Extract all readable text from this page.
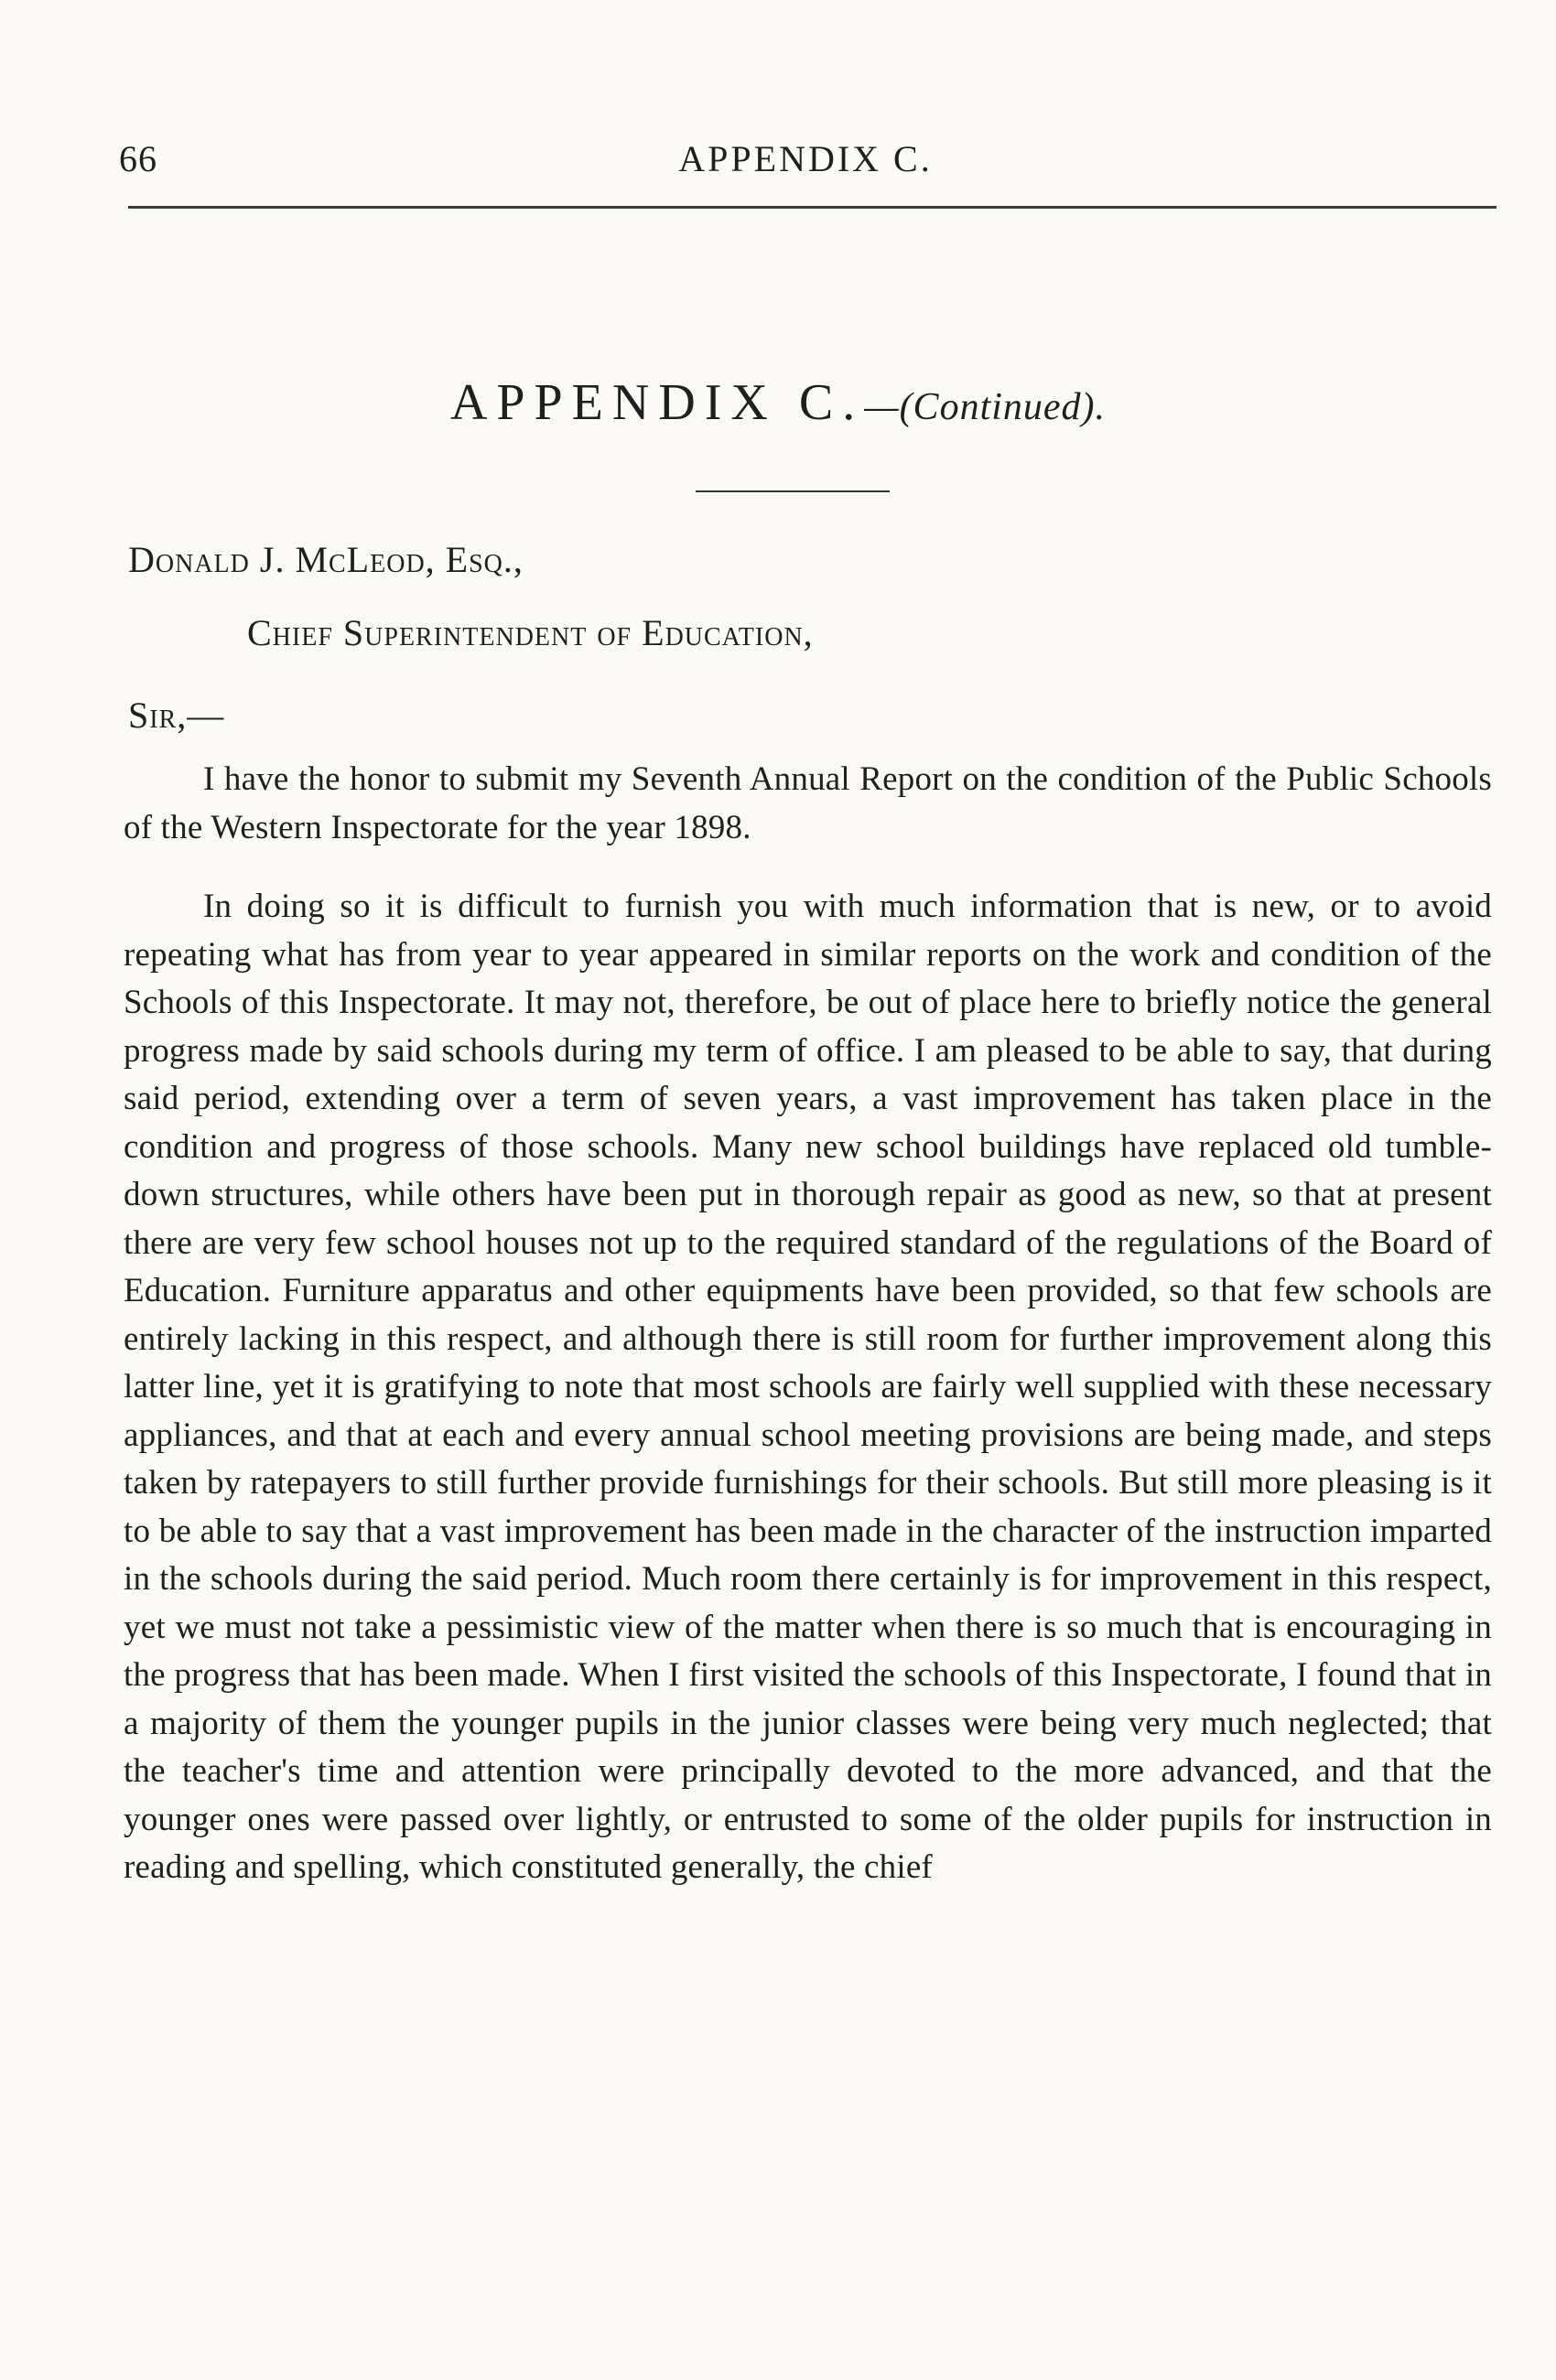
66	APPENDIX C.
APPENDIX C.—(Continued).
Donald J. McLeod, Esq.,
Chief Superintendent of Education,
Sir,—

I have the honor to submit my Seventh Annual Report on the condition of the Public Schools of the Western Inspectorate for the year 1898.

In doing so it is difficult to furnish you with much information that is new, or to avoid repeating what has from year to year appeared in similar reports on the work and condition of the Schools of this Inspectorate. It may not, therefore, be out of place here to briefly notice the general progress made by said schools during my term of office. I am pleased to be able to say, that during said period, extending over a term of seven years, a vast improvement has taken place in the condition and progress of those schools. Many new school buildings have replaced old tumble-down structures, while others have been put in thorough repair as good as new, so that at present there are very few school houses not up to the required standard of the regulations of the Board of Education. Furniture apparatus and other equipments have been provided, so that few schools are entirely lacking in this respect, and although there is still room for further improvement along this latter line, yet it is gratifying to note that most schools are fairly well supplied with these necessary appliances, and that at each and every annual school meeting provisions are being made, and steps taken by ratepayers to still further provide furnishings for their schools. But still more pleasing is it to be able to say that a vast improvement has been made in the character of the instruction imparted in the schools during the said period. Much room there certainly is for improvement in this respect, yet we must not take a pessimistic view of the matter when there is so much that is encouraging in the progress that has been made. When I first visited the schools of this Inspectorate, I found that in a majority of them the younger pupils in the junior classes were being very much neglected; that the teacher's time and attention were principally devoted to the more advanced, and that the younger ones were passed over lightly, or entrusted to some of the older pupils for instruction in reading and spelling, which constituted generally, the chief
